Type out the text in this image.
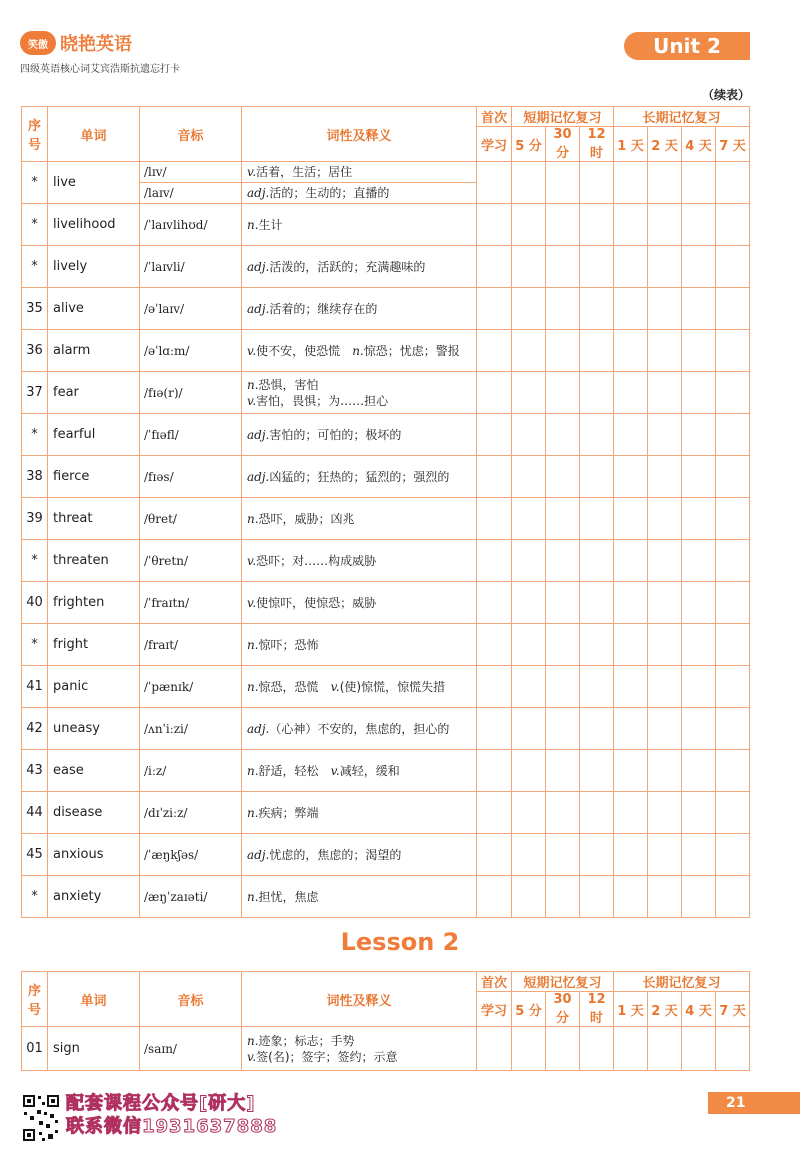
笑傲 晓艳英语
四级英语核心词艾宾浩斯抗遗忘打卡
Unit 2
（续表）
序号	单词	音标	词性及释义	首次	短期记忆复习			长期记忆复习			
				学习	5 分	30 分	12 时	1 天	2 天	4 天	7 天
*	live	/lɪv/	v.活着，生活；居住								
		/laɪv/	adj.活的；生动的；直播的								
*	livelihood	/ˈlaɪvlihʊd/	n.生计								

*	lively	/ˈlaɪvli/	adj.活泼的，活跃的；充满趣味的								

35	alive	/əˈlaɪv/	adj.活着的；继续存在的								

36	alarm	/əˈlɑːm/	v.使不安，使恐慌　n.惊恐；忧虑；警报								

37	fear	/fɪə(r)/	n.恐惧，害怕
v.害怕，畏惧；为……担心								

*	fearful	/ˈfɪəfl/	adj.害怕的；可怕的；极坏的								

38	fierce	/fɪəs/	adj.凶猛的；狂热的；猛烈的；强烈的								

39	threat	/θret/	n.恐吓，威胁；凶兆								

*	threaten	/ˈθretn/	v.恐吓；对……构成威胁								

40	frighten	/ˈfraɪtn/	v.使惊吓，使惊恐；威胁								

*	fright	/fraɪt/	n.惊吓；恐怖								

41	panic	/ˈpænɪk/	n.惊恐，恐慌　v.(使)惊慌，惊慌失措								

42	uneasy	/ʌnˈiːzi/	adj.（心神）不安的，焦虑的，担心的								

43	ease	/iːz/	n.舒适，轻松　v.减轻，缓和								

44	disease	/dɪˈziːz/	n.疾病；弊端								

45	anxious	/ˈæŋkʃəs/	adj.忧虑的，焦虑的；渴望的								

*	anxiety	/æŋˈzaɪəti/	n.担忧，焦虑								

Lesson 2
序号	单词	音标	词性及释义	首次	短期记忆复习			长期记忆复习			
				学习	5 分	30 分	12 时	1 天	2 天	4 天	7 天
01	sign	/saɪn/	n.迹象；标志；手势
v.签(名)；签字；签约；示意								

配套课程公众号[研大]
联系微信1931637888
21
